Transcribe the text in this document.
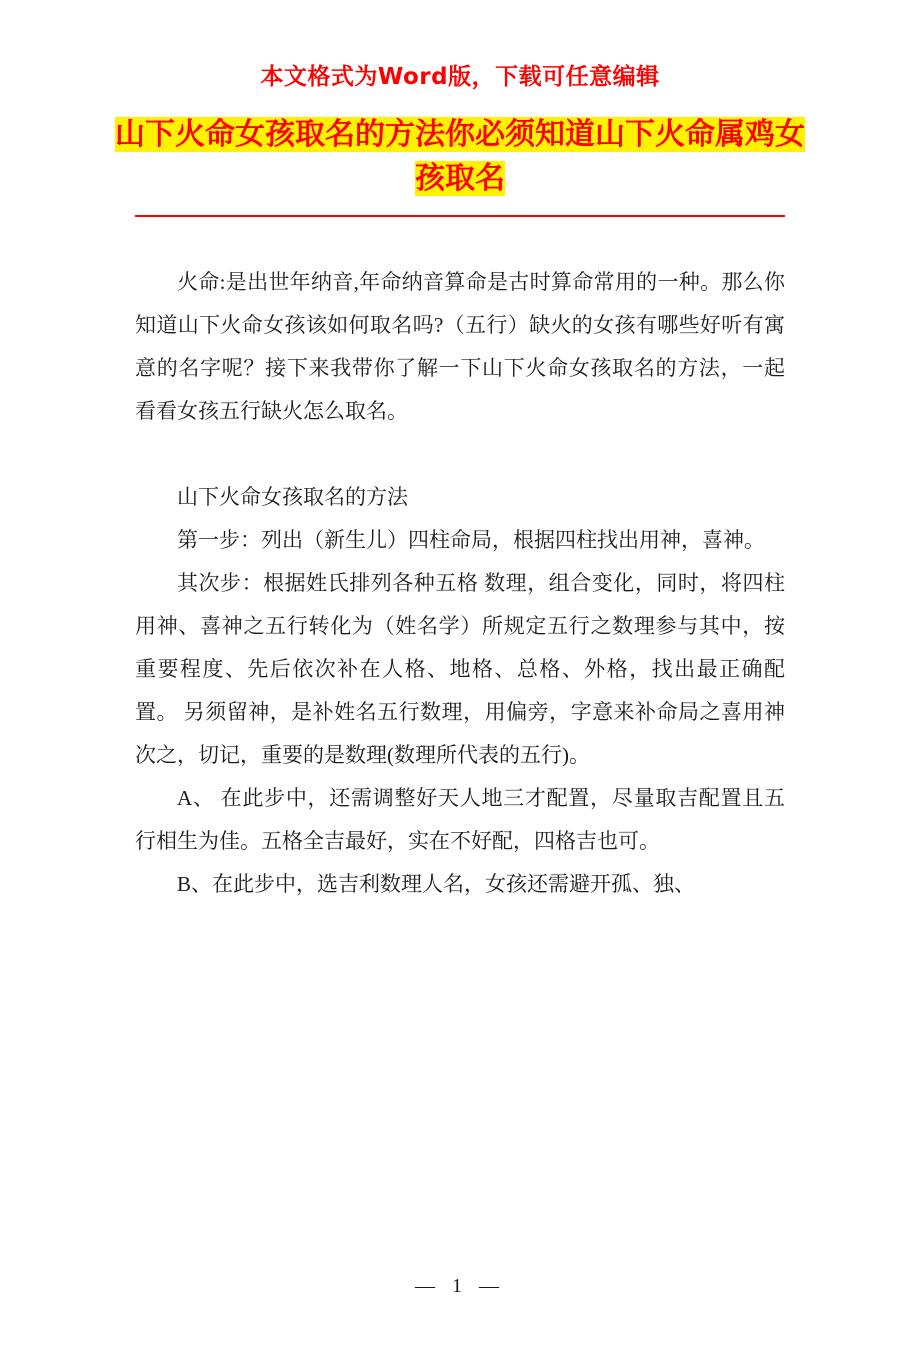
本文格式为Word版，下载可任意编辑
山下火命女孩取名的方法你必须知道山下火命属鸡女孩取名

火命:是出世年纳音,年命纳音算命是古时算命常用的一种。那么你知道山下火命女孩该如何取名吗?（五行）缺火的女孩有哪些好听有寓意的名字呢？接下来我带你了解一下山下火命女孩取名的方法，一起看看女孩五行缺火怎么取名。

山下火命女孩取名的方法

第一步：列出（新生儿）四柱命局，根据四柱找出用神，喜神。

其次步：根据姓氏排列各种五格 数理，组合变化，同时，将四柱用神、喜神之五行转化为（姓名学）所规定五行之数理参与其中，按重要程度、先后依次补在人格、地格、总格、外格，找出最正确配置。 另须留神，是补姓名五行数理，用偏旁，字意来补命局之喜用神次之，切记，重要的是数理(数理所代表的五行)。

A、 在此步中，还需调整好天人地三才配置，尽量取吉配置且五行相生为佳。五格全吉最好，实在不好配，四格吉也可。

B、在此步中，选吉利数理人名，女孩还需避开孤、独、

— 1 —
